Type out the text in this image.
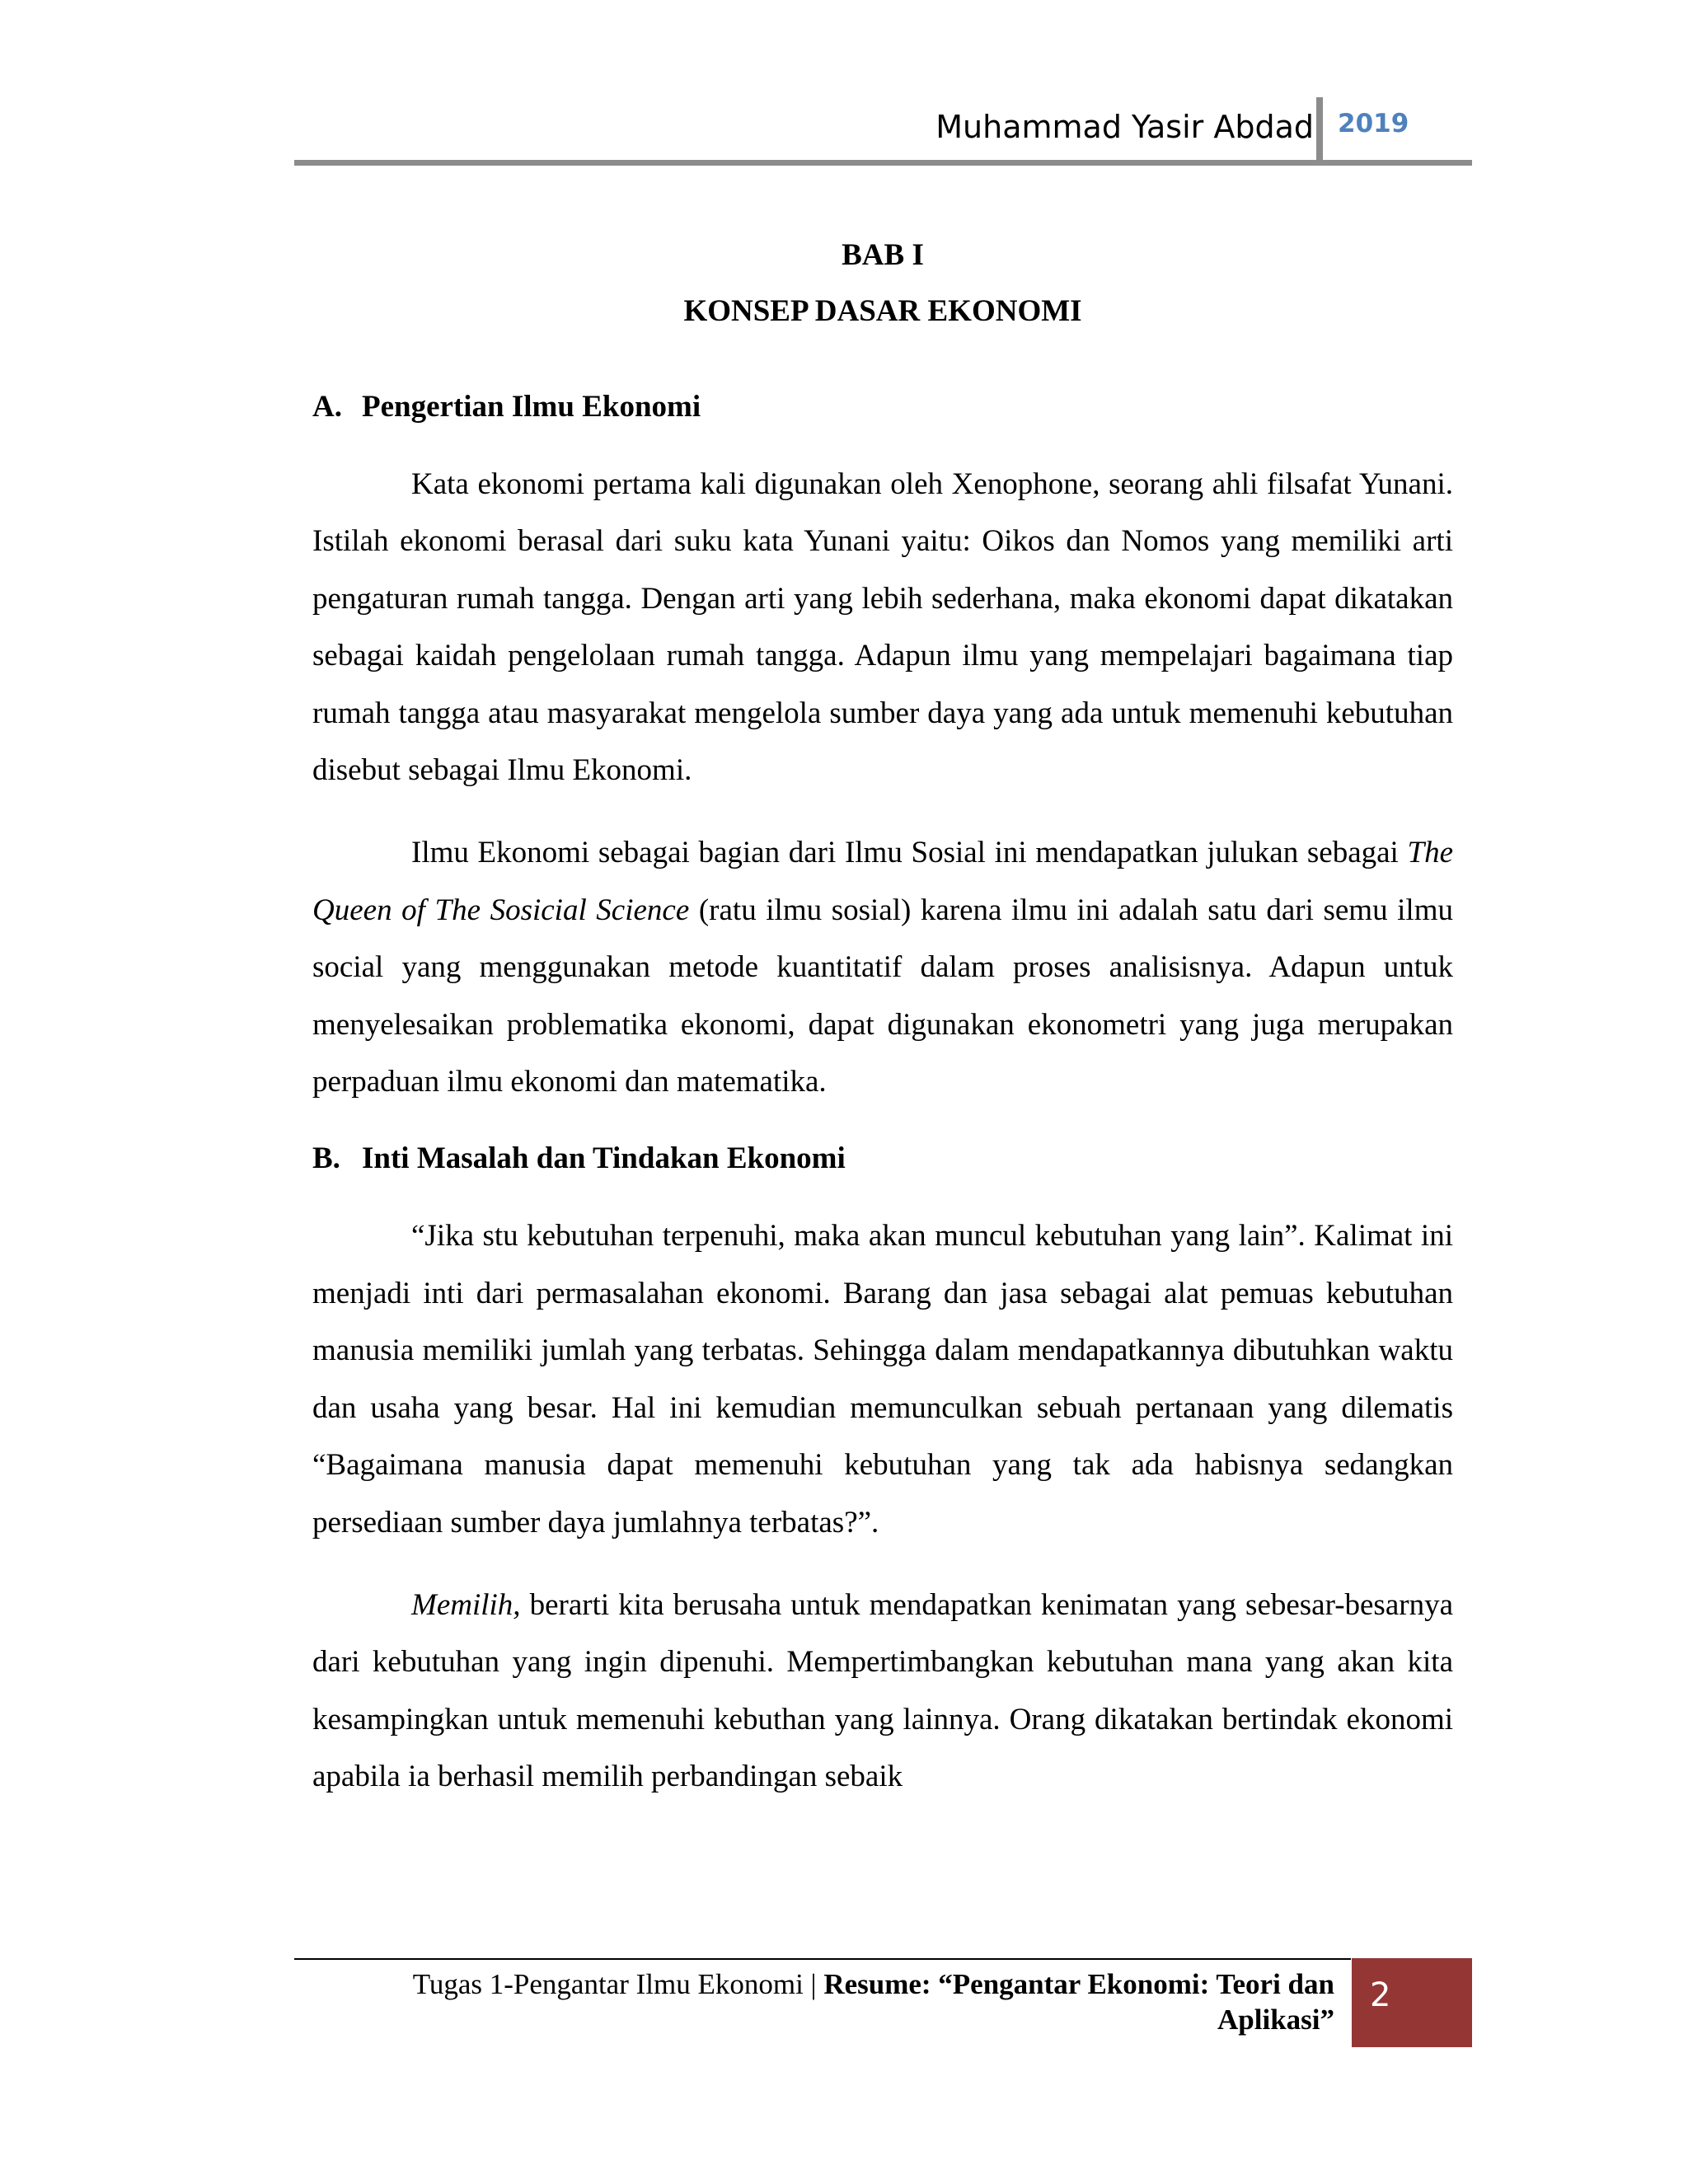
Muhammad Yasir Abdad 2019

BAB I

KONSEP DASAR EKONOMI

A. Pengertian Ilmu Ekonomi

Kata ekonomi pertama kali digunakan oleh Xenophone, seorang ahli filsafat Yunani. Istilah ekonomi berasal dari suku kata Yunani yaitu: Oikos dan Nomos yang memiliki arti pengaturan rumah tangga. Dengan arti yang lebih sederhana, maka ekonomi dapat dikatakan sebagai kaidah pengelolaan rumah tangga. Adapun ilmu yang mempelajari bagaimana tiap rumah tangga atau masyarakat mengelola sumber daya yang ada untuk memenuhi kebutuhan disebut sebagai Ilmu Ekonomi.

Ilmu Ekonomi sebagai bagian dari Ilmu Sosial ini mendapatkan julukan sebagai The Queen of The Sosicial Science (ratu ilmu sosial) karena ilmu ini adalah satu dari semu ilmu social yang menggunakan metode kuantitatif dalam proses analisisnya. Adapun untuk menyelesaikan problematika ekonomi, dapat digunakan ekonometri yang juga merupakan perpaduan ilmu ekonomi dan matematika.

B. Inti Masalah dan Tindakan Ekonomi

“Jika stu kebutuhan terpenuhi, maka akan muncul kebutuhan yang lain”. Kalimat ini menjadi inti dari permasalahan ekonomi. Barang dan jasa sebagai alat pemuas kebutuhan manusia memiliki jumlah yang terbatas. Sehingga dalam mendapatkannya dibutuhkan waktu dan usaha yang besar. Hal ini kemudian memunculkan sebuah pertanaan yang dilematis “Bagaimana manusia dapat memenuhi kebutuhan yang tak ada habisnya sedangkan persediaan sumber daya jumlahnya terbatas?”.

Memilih, berarti kita berusaha untuk mendapatkan kenimatan yang sebesar-besarnya dari kebutuhan yang ingin dipenuhi. Mempertimbangkan kebutuhan mana yang akan kita kesampingkan untuk memenuhi kebuthan yang lainnya. Orang dikatakan bertindak ekonomi apabila ia berhasil memilih perbandingan sebaik

Tugas 1-Pengantar Ilmu Ekonomi | Resume: “Pengantar Ekonomi: Teori dan
Aplikasi”
2
